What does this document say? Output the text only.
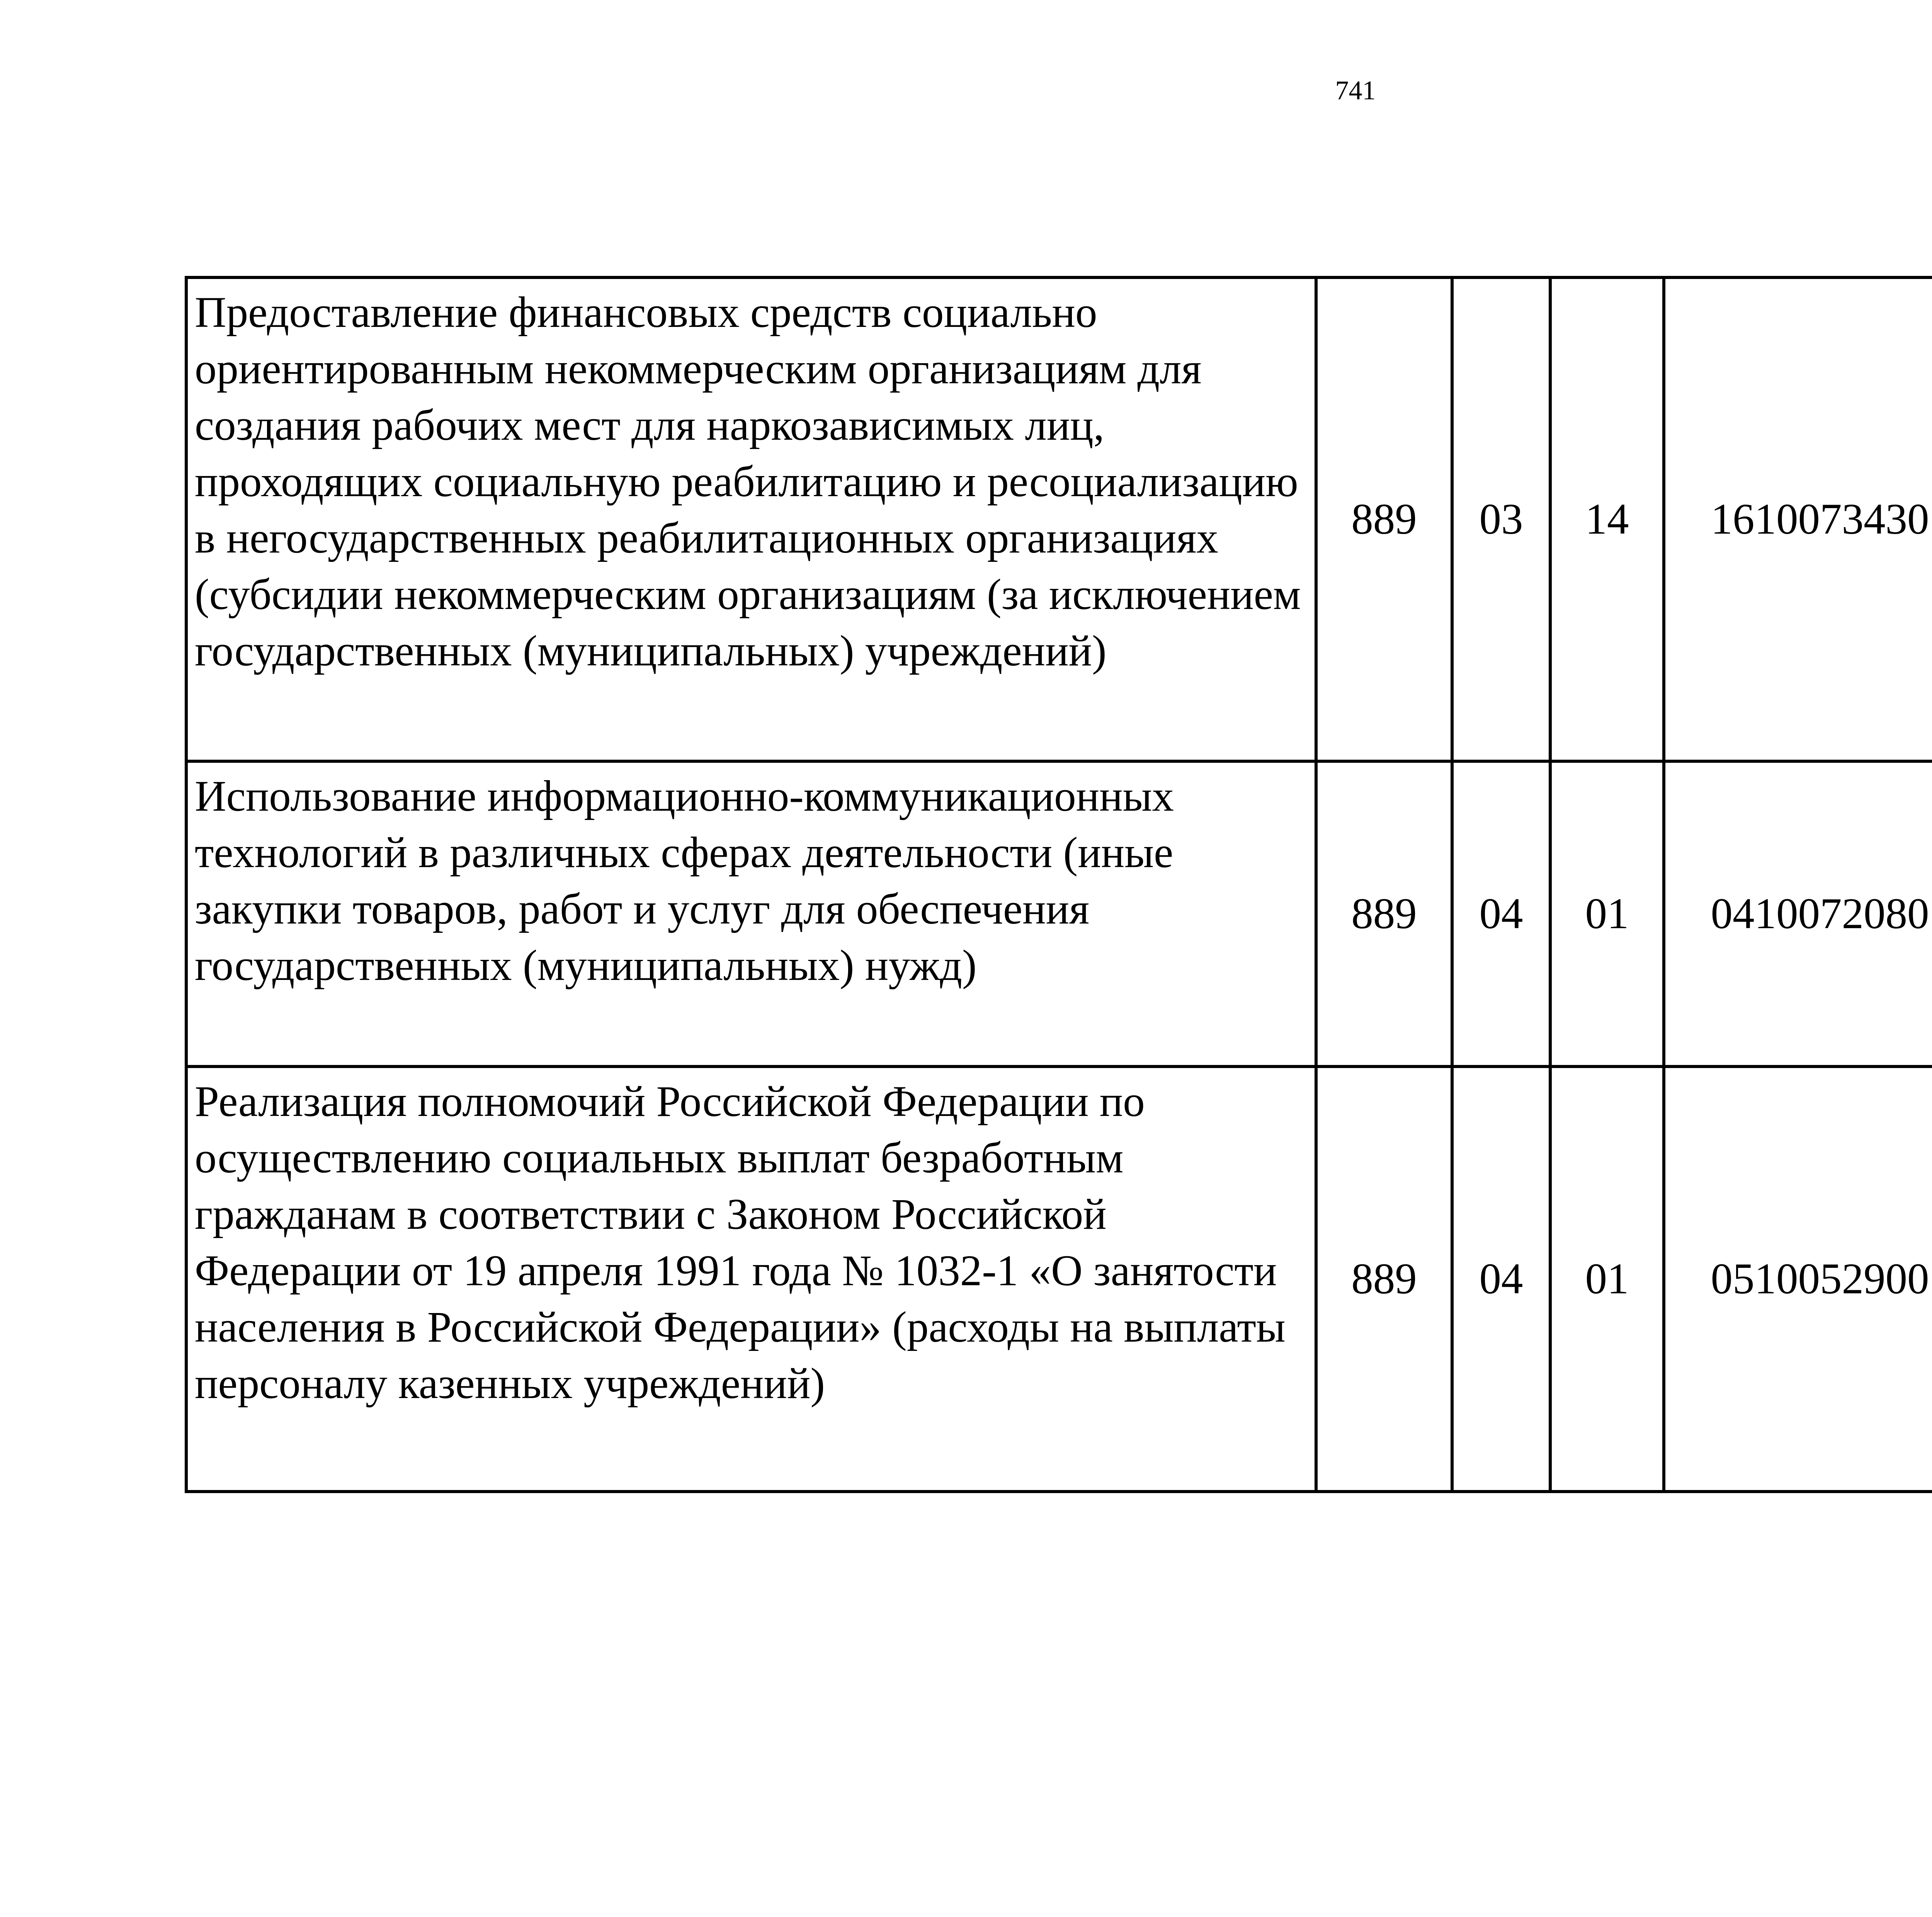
741
Предоставление финансовых средств социально ориентированным некоммерческим организациям для создания рабочих мест для наркозависимых лиц, проходящих социальную реабилитацию и ресоциализацию в негосударственных реабилитационных организациях (субсидии некоммерческим организациям (за исключением государственных (муниципальных) учреждений)	889	03	14	1610073430		
Использование информационно-коммуникационных технологий в различных сферах деятельности (иные закупки товаров, работ и услуг для обеспечения государственных (муниципальных) нужд)	889	04	01	0410072080		
Реализация полномочий Российской Федерации по осуществлению социальных выплат безработным гражданам в соответствии с Законом Российской Федерации от 19 апреля 1991 года № 1032-1 «О занятости населения в Российской Федерации» (расходы на выплаты персоналу казенных учреждений)	889	04	01	0510052900		
